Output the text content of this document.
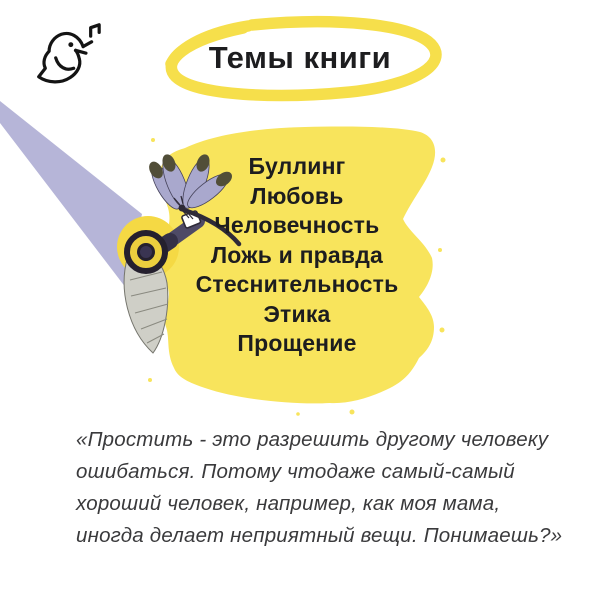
Темы книги
Буллинг
Любовь
Человечность
Ложь и правда
Стеснительность
Этика
Прощение
«Простить - это разрешить другому человеку
ошибаться. Потому чтодаже самый-самый
хороший человек, например, как моя мама,
иногда делает неприятный вещи. Понимаешь?»
